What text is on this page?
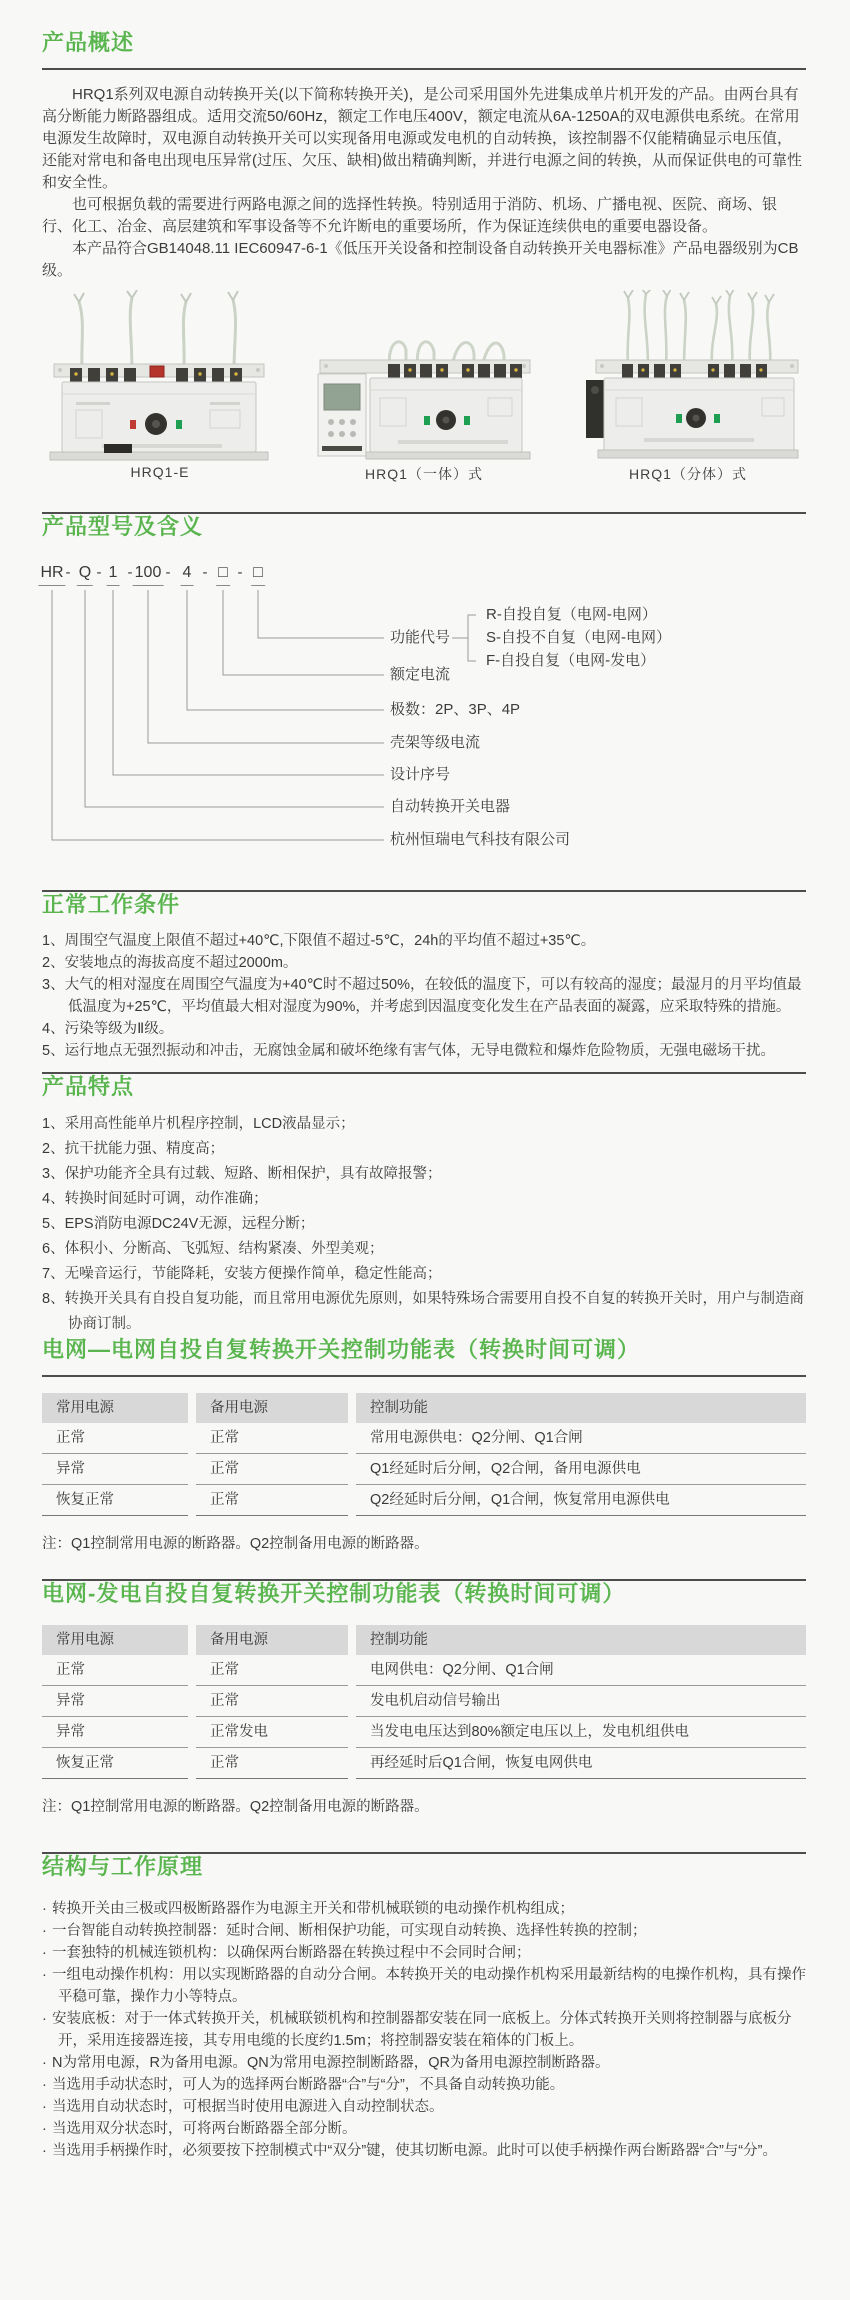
产品概述

HRQ1系列双电源自动转换开关(以下简称转换开关)，是公司采用国外先进集成单片机开发的产品。由两台具有高分断能力断路器组成。适用交流50/60Hz，额定工作电压400V，额定电流从6A-1250A的双电源供电系统。在常用电源发生故障时，双电源自动转换开关可以实现备用电源或发电机的自动转换，该控制器不仅能精确显示电压值，还能对常电和备电出现电压异常(过压、欠压、缺相)做出精确判断，并进行电源之间的转换，从而保证供电的可靠性和安全性。

也可根据负载的需要进行两路电源之间的选择性转换。特别适用于消防、机场、广播电视、医院、商场、银行、化工、冶金、高层建筑和军事设备等不允许断电的重要场所，作为保证连续供电的重要电器设备。

本产品符合GB14048.11 IEC60947-6-1《低压开关设备和控制设备自动转换开关电器标准》产品电器级别为CB级。

HRQ1-E	HRQ1（一体）式	HRQ1（分体）式
产品型号及含义
HR - Q - 1 - 100 - 4 - □ - □
功能代号
R-自投自复（电网-电网）
S-自投不自复（电网-电网）
F-自投自复（电网-发电）
额定电流
极数：2P、3P、4P
壳架等级电流
设计序号
自动转换开关电器
杭州恒瑞电气科技有限公司
正常工作条件
1、周围空气温度上限值不超过+40℃,下限值不超过-5℃，24h的平均值不超过+35℃。
2、安装地点的海拔高度不超过2000m。
3、大气的相对湿度在周围空气温度为+40℃时不超过50%，在较低的温度下，可以有较高的湿度；最湿月的月平均值最低温度为+25℃，平均值最大相对湿度为90%，并考虑到因温度变化发生在产品表面的凝露，应采取特殊的措施。
4、污染等级为Ⅱ级。
5、运行地点无强烈振动和冲击，无腐蚀金属和破坏绝缘有害气体，无导电微粒和爆炸危险物质，无强电磁场干扰。
产品特点
1、采用高性能单片机程序控制，LCD液晶显示；
2、抗干扰能力强、精度高；
3、保护功能齐全具有过载、短路、断相保护，具有故障报警；
4、转换时间延时可调，动作准确；
5、EPS消防电源DC24V无源，远程分断；
6、体积小、分断高、飞弧短、结构紧凑、外型美观；
7、无噪音运行，节能降耗，安装方便操作简单，稳定性能高；
8、转换开关具有自投自复功能，而且常用电源优先原则，如果特殊场合需要用自投不自复的转换开关时，用户与制造商协商订制。
电网—电网自投自复转换开关控制功能表（转换时间可调）
常用电源	备用电源	控制功能
正常	正常	常用电源供电：Q2分闸、Q1合闸
异常	正常	Q1经延时后分闸，Q2合闸，备用电源供电
恢复正常	正常	Q2经延时后分闸，Q1合闸，恢复常用电源供电
注：Q1控制常用电源的断路器。Q2控制备用电源的断路器。
电网-发电自投自复转换开关控制功能表（转换时间可调）
常用电源	备用电源	控制功能
正常	正常	电网供电：Q2分闸、Q1合闸
异常	正常	发电机启动信号输出
异常	正常发电	当发电电压达到80%额定电压以上，发电机组供电
恢复正常	正常	再经延时后Q1合闸，恢复电网供电
注：Q1控制常用电源的断路器。Q2控制备用电源的断路器。
结构与工作原理
· 转换开关由三极或四极断路器作为电源主开关和带机械联锁的电动操作机构组成；
· 一台智能自动转换控制器：延时合闸、断相保护功能，可实现自动转换、选择性转换的控制；
· 一套独特的机械连锁机构：以确保两台断路器在转换过程中不会同时合闸；
· 一组电动操作机构：用以实现断路器的自动分合闸。本转换开关的电动操作机构采用最新结构的电操作机构，具有操作平稳可靠，操作力小等特点。
· 安装底板：对于一体式转换开关，机械联锁机构和控制器都安装在同一底板上。分体式转换开关则将控制器与底板分开，采用连接器连接，其专用电缆的长度约1.5m；将控制器安装在箱体的门板上。
· N为常用电源，R为备用电源。QN为常用电源控制断路器，QR为备用电源控制断路器。
· 当选用手动状态时，可人为的选择两台断路器“合”与“分”，不具备自动转换功能。
· 当选用自动状态时，可根据当时使用电源进入自动控制状态。
· 当选用双分状态时，可将两台断路器全部分断。
· 当选用手柄操作时，必须要按下控制模式中“双分”键，使其切断电源。此时可以使手柄操作两台断路器“合”与“分”。
